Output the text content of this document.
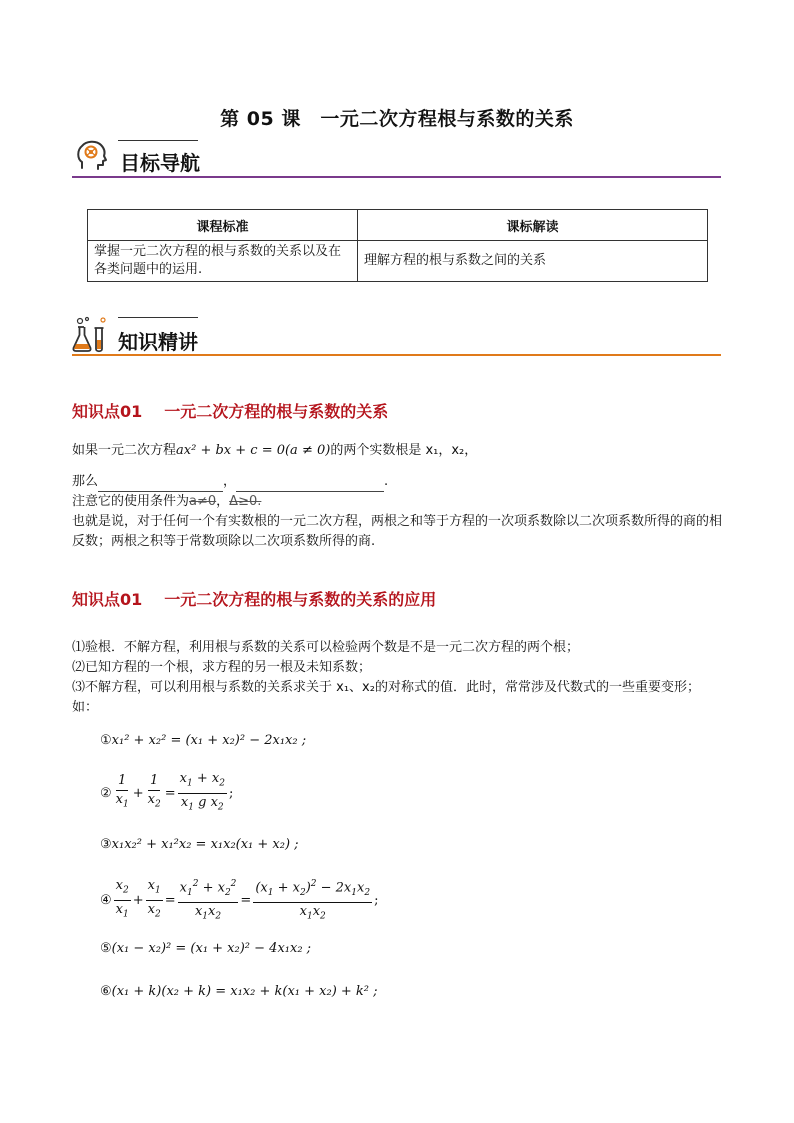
第 05 课　一元二次方程根与系数的关系
目标导航
课程标准	课标解读
掌握一元二次方程的根与系数的关系以及在各类问题中的运用.	理解方程的根与系数之间的关系
知识精讲
知识点01 一元二次方程的根与系数的关系
如果一元二次方程ax² + bx + c = 0(a ≠ 0)的两个实数根是 x₁，x₂，
那么	，	.
注意它的使用条件为a≠0，Δ≥0.
也就是说，对于任何一个有实数根的一元二次方程，两根之和等于方程的一次项系数除以二次项系数所得的商的相反数；两根之积等于常数项除以二次项系数所得的商.
知识点01 一元二次方程的根与系数的关系的应用
⑴验根．不解方程，利用根与系数的关系可以检验两个数是不是一元二次方程的两个根；
⑵已知方程的一个根，求方程的另一根及未知系数；
⑶不解方程，可以利用根与系数的关系求关于 x₁、x₂的对称式的值．此时，常常涉及代数式的一些重要变形；如：
①x₁² + x₂² = (x₁ + x₂)² − 2x₁x₂ ;
② $\frac{1}{x_1} + \frac{1}{x_2} = \frac{x_1 + x_2}{x_1 g x_2}$ ;
③x₁x₂² + x₁²x₂ = x₁x₂(x₁ + x₂) ;
④ $\frac{x_2}{x_1} + \frac{x_1}{x_2} = \frac{x_1^2 + x_2^2}{x_1x_2} = \frac{(x_1 + x_2)^2 - 2x_1x_2}{x_1x_2}$ ;
⑤(x₁ − x₂)² = (x₁ + x₂)² − 4x₁x₂ ;
⑥(x₁ + k)(x₂ + k) = x₁x₂ + k(x₁ + x₂) + k² ;
